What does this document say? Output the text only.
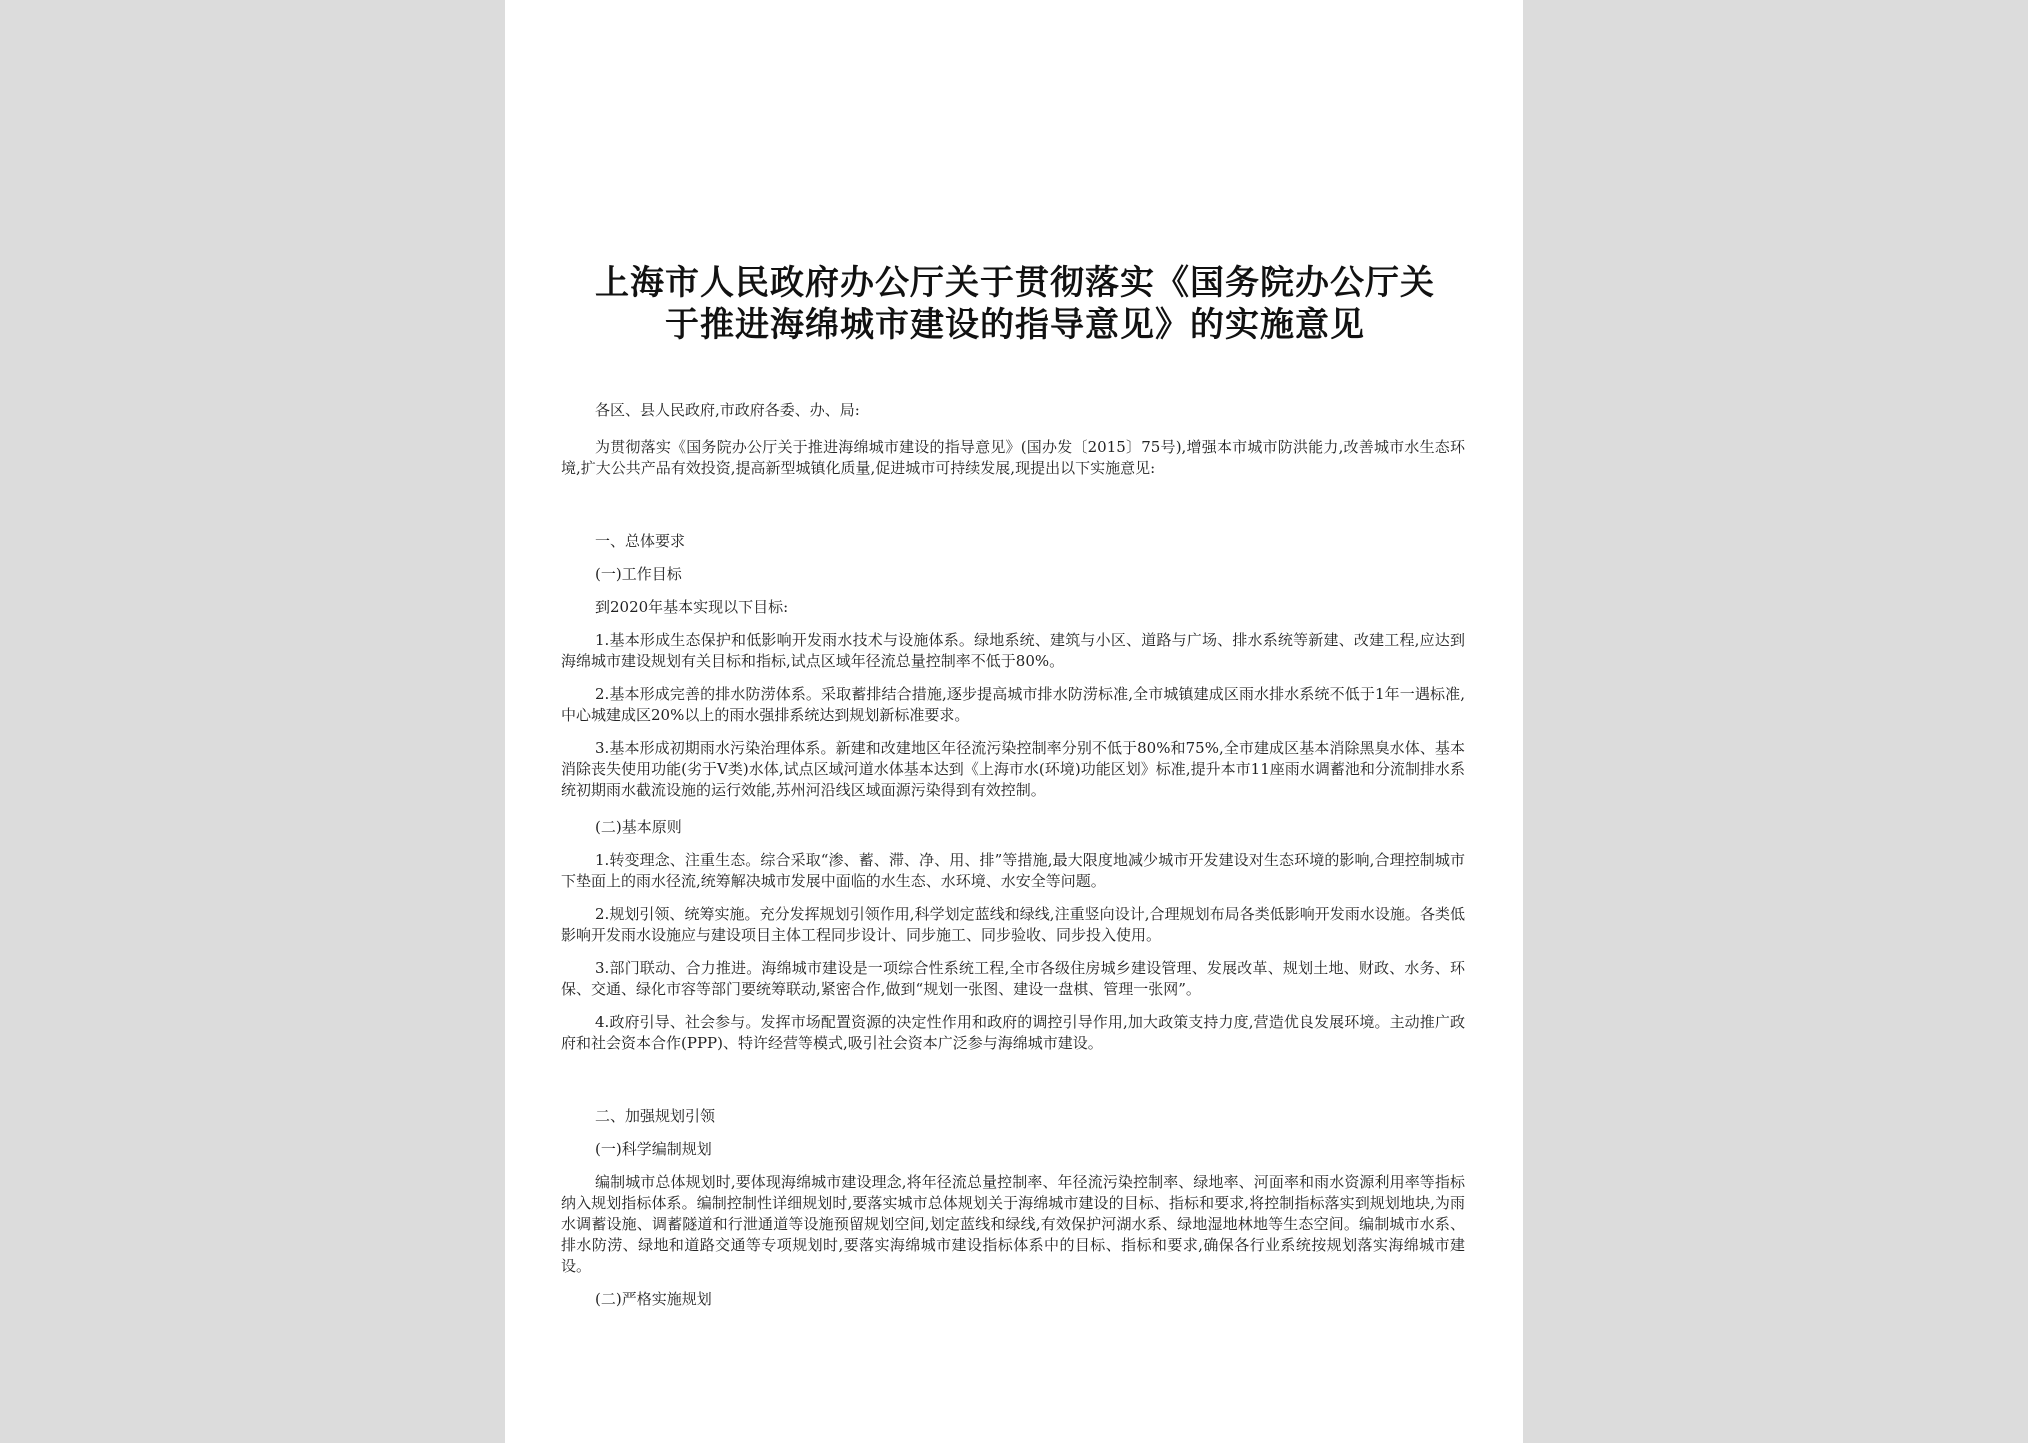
上海市人民政府办公厅关于贯彻落实《国务院办公厅关
于推进海绵城市建设的指导意见》的实施意见

各区、县人民政府,市政府各委、办、局:

为贯彻落实《国务院办公厅关于推进海绵城市建设的指导意见》(国办发〔2015〕75号),增强本市城市防洪能力,改善城市水生态环境,扩大公共产品有效投资,提高新型城镇化质量,促进城市可持续发展,现提出以下实施意见:

一、总体要求

(一)工作目标

到2020年基本实现以下目标:

1.基本形成生态保护和低影响开发雨水技术与设施体系。绿地系统、建筑与小区、道路与广场、排水系统等新建、改建工程,应达到海绵城市建设规划有关目标和指标,试点区域年径流总量控制率不低于80%。

2.基本形成完善的排水防涝体系。采取蓄排结合措施,逐步提高城市排水防涝标准,全市城镇建成区雨水排水系统不低于1年一遇标准,中心城建成区20%以上的雨水强排系统达到规划新标准要求。

3.基本形成初期雨水污染治理体系。新建和改建地区年径流污染控制率分别不低于80%和75%,全市建成区基本消除黑臭水体、基本消除丧失使用功能(劣于V类)水体,试点区域河道水体基本达到《上海市水(环境)功能区划》标准,提升本市11座雨水调蓄池和分流制排水系统初期雨水截流设施的运行效能,苏州河沿线区域面源污染得到有效控制。

(二)基本原则

1.转变理念、注重生态。综合采取“渗、蓄、滞、净、用、排”等措施,最大限度地减少城市开发建设对生态环境的影响,合理控制城市下垫面上的雨水径流,统筹解决城市发展中面临的水生态、水环境、水安全等问题。

2.规划引领、统筹实施。充分发挥规划引领作用,科学划定蓝线和绿线,注重竖向设计,合理规划布局各类低影响开发雨水设施。各类低影响开发雨水设施应与建设项目主体工程同步设计、同步施工、同步验收、同步投入使用。

3.部门联动、合力推进。海绵城市建设是一项综合性系统工程,全市各级住房城乡建设管理、发展改革、规划土地、财政、水务、环保、交通、绿化市容等部门要统筹联动,紧密合作,做到“规划一张图、建设一盘棋、管理一张网”。

4.政府引导、社会参与。发挥市场配置资源的决定性作用和政府的调控引导作用,加大政策支持力度,营造优良发展环境。主动推广政府和社会资本合作(PPP)、特许经营等模式,吸引社会资本广泛参与海绵城市建设。

二、加强规划引领

(一)科学编制规划

编制城市总体规划时,要体现海绵城市建设理念,将年径流总量控制率、年径流污染控制率、绿地率、河面率和雨水资源利用率等指标纳入规划指标体系。编制控制性详细规划时,要落实城市总体规划关于海绵城市建设的目标、指标和要求,将控制指标落实到规划地块,为雨水调蓄设施、调蓄隧道和行泄通道等设施预留规划空间,划定蓝线和绿线,有效保护河湖水系、绿地湿地林地等生态空间。编制城市水系、排水防涝、绿地和道路交通等专项规划时,要落实海绵城市建设指标体系中的目标、指标和要求,确保各行业系统按规划落实海绵城市建设。

(二)严格实施规划
